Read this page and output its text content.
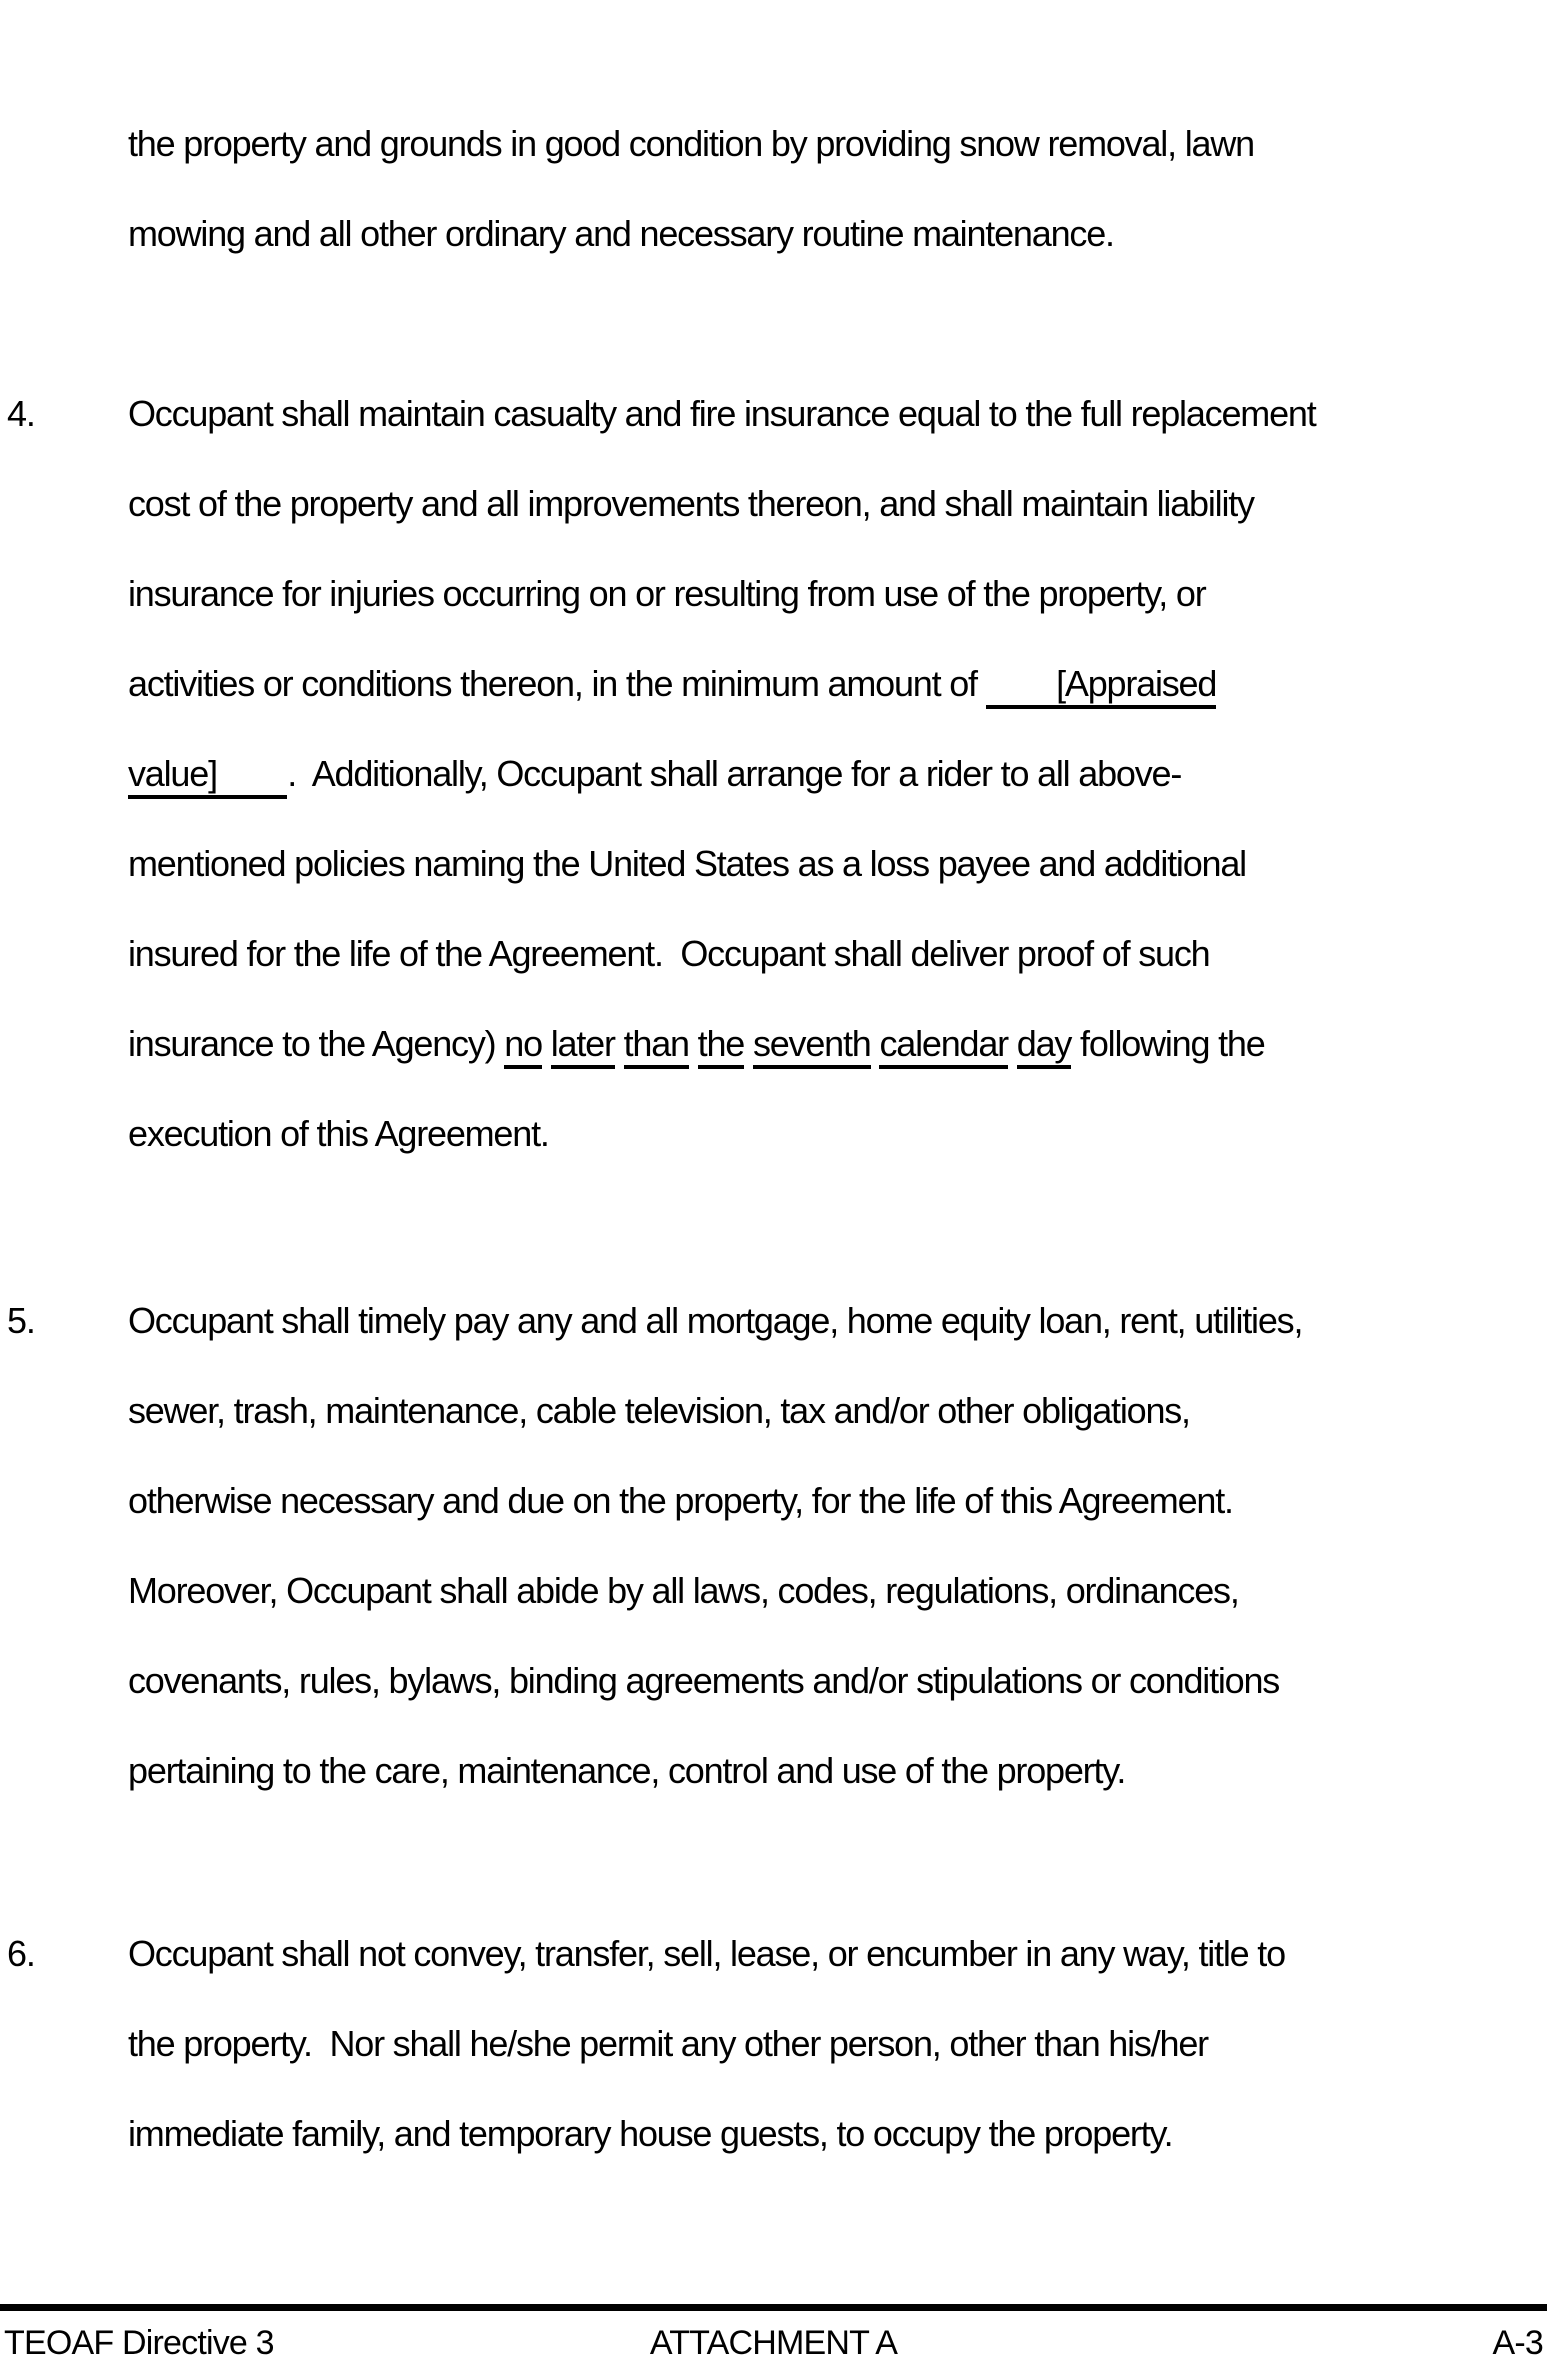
the property and grounds in good condition by providing snow removal, lawn
mowing and all other ordinary and necessary routine maintenance.
4.	Occupant shall maintain casualty and fire insurance equal to the full replacement
cost of the property and all improvements thereon, and shall maintain liability
insurance for injuries occurring on or resulting from use of the property, or
activities or conditions thereon, in the minimum amount of         [Appraised
value] .  Additionally, Occupant shall arrange for a rider to all above-
mentioned policies naming the United States as a loss payee and additional
insured for the life of the Agreement.  Occupant shall deliver proof of such
insurance to the Agency) no later than the seventh calendar day following the
execution of this Agreement.
5.	Occupant shall timely pay any and all mortgage, home equity loan, rent, utilities,
sewer, trash, maintenance, cable television, tax and/or other obligations,
otherwise necessary and due on the property, for the life of this Agreement.
Moreover, Occupant shall abide by all laws, codes, regulations, ordinances,
covenants, rules, bylaws, binding agreements and/or stipulations or conditions
pertaining to the care, maintenance, control and use of the property.
6.	Occupant shall not convey, transfer, sell, lease, or encumber in any way, title to
the property.  Nor shall he/she permit any other person, other than his/her
immediate family, and temporary house guests, to occupy the property.
TEOAF Directive 3	ATTACHMENT A	A-3
